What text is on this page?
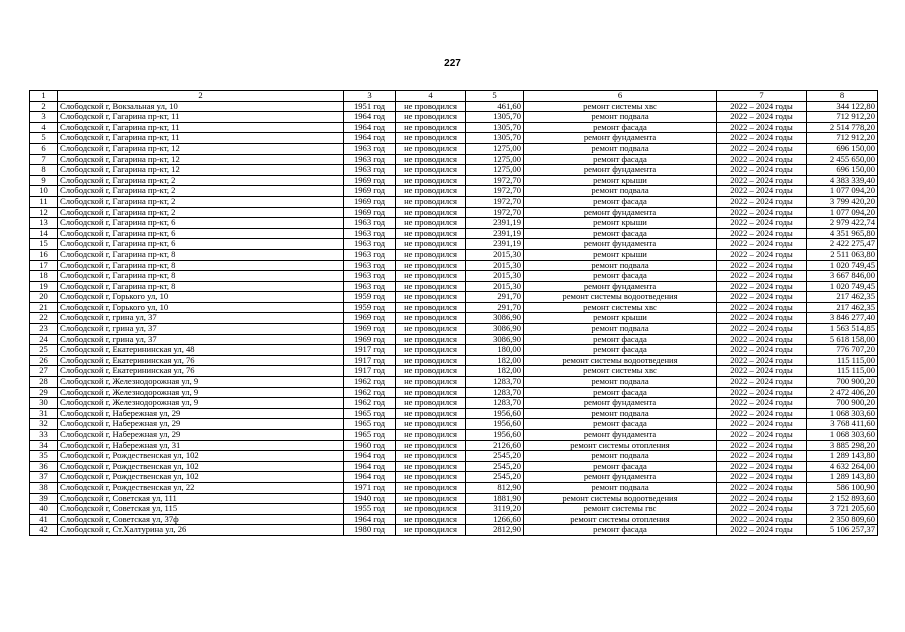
227
1	2	3	4	5	6	7	8
2	Слободской г, Вокзальная ул, 10	1951 год	не проводился	461,60	ремонт системы хвс	2022 – 2024 годы	344 122,80
3	Слободской г, Гагарина пр-кт, 11	1964 год	не проводился	1305,70	ремонт подвала	2022 – 2024 годы	712 912,20
4	Слободской г, Гагарина пр-кт, 11	1964 год	не проводился	1305,70	ремонт фасада	2022 – 2024 годы	2 514 778,20
5	Слободской г, Гагарина пр-кт, 11	1964 год	не проводился	1305,70	ремонт фундамента	2022 – 2024 годы	712 912,20
6	Слободской г, Гагарина пр-кт, 12	1963 год	не проводился	1275,00	ремонт подвала	2022 – 2024 годы	696 150,00
7	Слободской г, Гагарина пр-кт, 12	1963 год	не проводился	1275,00	ремонт фасада	2022 – 2024 годы	2 455 650,00
8	Слободской г, Гагарина пр-кт, 12	1963 год	не проводился	1275,00	ремонт фундамента	2022 – 2024 годы	696 150,00
9	Слободской г, Гагарина пр-кт, 2	1969 год	не проводился	1972,70	ремонт крыши	2022 – 2024 годы	4 383 339,40
10	Слободской г, Гагарина пр-кт, 2	1969 год	не проводился	1972,70	ремонт подвала	2022 – 2024 годы	1 077 094,20
11	Слободской г, Гагарина пр-кт, 2	1969 год	не проводился	1972,70	ремонт фасада	2022 – 2024 годы	3 799 420,20
12	Слободской г, Гагарина пр-кт, 2	1969 год	не проводился	1972,70	ремонт фундамента	2022 – 2024 годы	1 077 094,20
13	Слободской г, Гагарина пр-кт, 6	1963 год	не проводился	2391,19	ремонт крыши	2022 – 2024 годы	2 979 422,74
14	Слободской г, Гагарина пр-кт, 6	1963 год	не проводился	2391,19	ремонт фасада	2022 – 2024 годы	4 351 965,80
15	Слободской г, Гагарина пр-кт, 6	1963 год	не проводился	2391,19	ремонт фундамента	2022 – 2024 годы	2 422 275,47
16	Слободской г, Гагарина пр-кт, 8	1963 год	не проводился	2015,30	ремонт крыши	2022 – 2024 годы	2 511 063,80
17	Слободской г, Гагарина пр-кт, 8	1963 год	не проводился	2015,30	ремонт подвала	2022 – 2024 годы	1 020 749,45
18	Слободской г, Гагарина пр-кт, 8	1963 год	не проводился	2015,30	ремонт фасада	2022 – 2024 годы	3 667 846,00
19	Слободской г, Гагарина пр-кт, 8	1963 год	не проводился	2015,30	ремонт фундамента	2022 – 2024 годы	1 020 749,45
20	Слободской г, Горького ул, 10	1959 год	не проводился	291,70	ремонт системы водоотведения	2022 – 2024 годы	217 462,35
21	Слободской г, Горького ул, 10	1959 год	не проводился	291,70	ремонт системы хвс	2022 – 2024 годы	217 462,35
22	Слободской г, грина ул, 37	1969 год	не проводился	3086,90	ремонт крыши	2022 – 2024 годы	3 846 277,40
23	Слободской г, грина ул, 37	1969 год	не проводился	3086,90	ремонт подвала	2022 – 2024 годы	1 563 514,85
24	Слободской г, грина ул, 37	1969 год	не проводился	3086,90	ремонт фасада	2022 – 2024 годы	5 618 158,00
25	Слободской г, Екатерининская ул, 48	1917 год	не проводился	180,00	ремонт фасада	2022 – 2024 годы	776 707,20
26	Слободской г, Екатерининская ул, 76	1917 год	не проводился	182,00	ремонт системы водоотведения	2022 – 2024 годы	115 115,00
27	Слободской г, Екатерининская ул, 76	1917 год	не проводился	182,00	ремонт системы хвс	2022 – 2024 годы	115 115,00
28	Слободской г, Железнодорожная ул, 9	1962 год	не проводился	1283,70	ремонт подвала	2022 – 2024 годы	700 900,20
29	Слободской г, Железнодорожная ул, 9	1962 год	не проводился	1283,70	ремонт фасада	2022 – 2024 годы	2 472 406,20
30	Слободской г, Железнодорожная ул, 9	1962 год	не проводился	1283,70	ремонт фундамента	2022 – 2024 годы	700 900,20
31	Слободской г, Набережная ул, 29	1965 год	не проводился	1956,60	ремонт подвала	2022 – 2024 годы	1 068 303,60
32	Слободской г, Набережная ул, 29	1965 год	не проводился	1956,60	ремонт фасада	2022 – 2024 годы	3 768 411,60
33	Слободской г, Набережная ул, 29	1965 год	не проводился	1956,60	ремонт фундамента	2022 – 2024 годы	1 068 303,60
34	Слободской г, Набережная ул, 31	1960 год	не проводился	2126,60	ремонт системы отопления	2022 – 2024 годы	3 885 298,20
35	Слободской г, Рождественская ул, 102	1964 год	не проводился	2545,20	ремонт подвала	2022 – 2024 годы	1 289 143,80
36	Слободской г, Рождественская ул, 102	1964 год	не проводился	2545,20	ремонт фасада	2022 – 2024 годы	4 632 264,00
37	Слободской г, Рождественская ул, 102	1964 год	не проводился	2545,20	ремонт фундамента	2022 – 2024 годы	1 289 143,80
38	Слободской г, Рождественская ул, 22	1971 год	не проводился	812,90	ремонт подвала	2022 – 2024 годы	586 100,90
39	Слободской г, Советская ул, 111	1940 год	не проводился	1881,90	ремонт системы водоотведения	2022 – 2024 годы	2 152 893,60
40	Слободской г, Советская ул, 115	1955 год	не проводился	3119,20	ремонт системы гвс	2022 – 2024 годы	3 721 205,60
41	Слободской г, Советская ул, 37ф	1964 год	не проводился	1266,60	ремонт системы отопления	2022 – 2024 годы	2 350 809,60
42	Слободской г, Ст.Халтурина ул, 26	1980 год	не проводился	2812,90	ремонт фасада	2022 – 2024 годы	5 106 257,37
